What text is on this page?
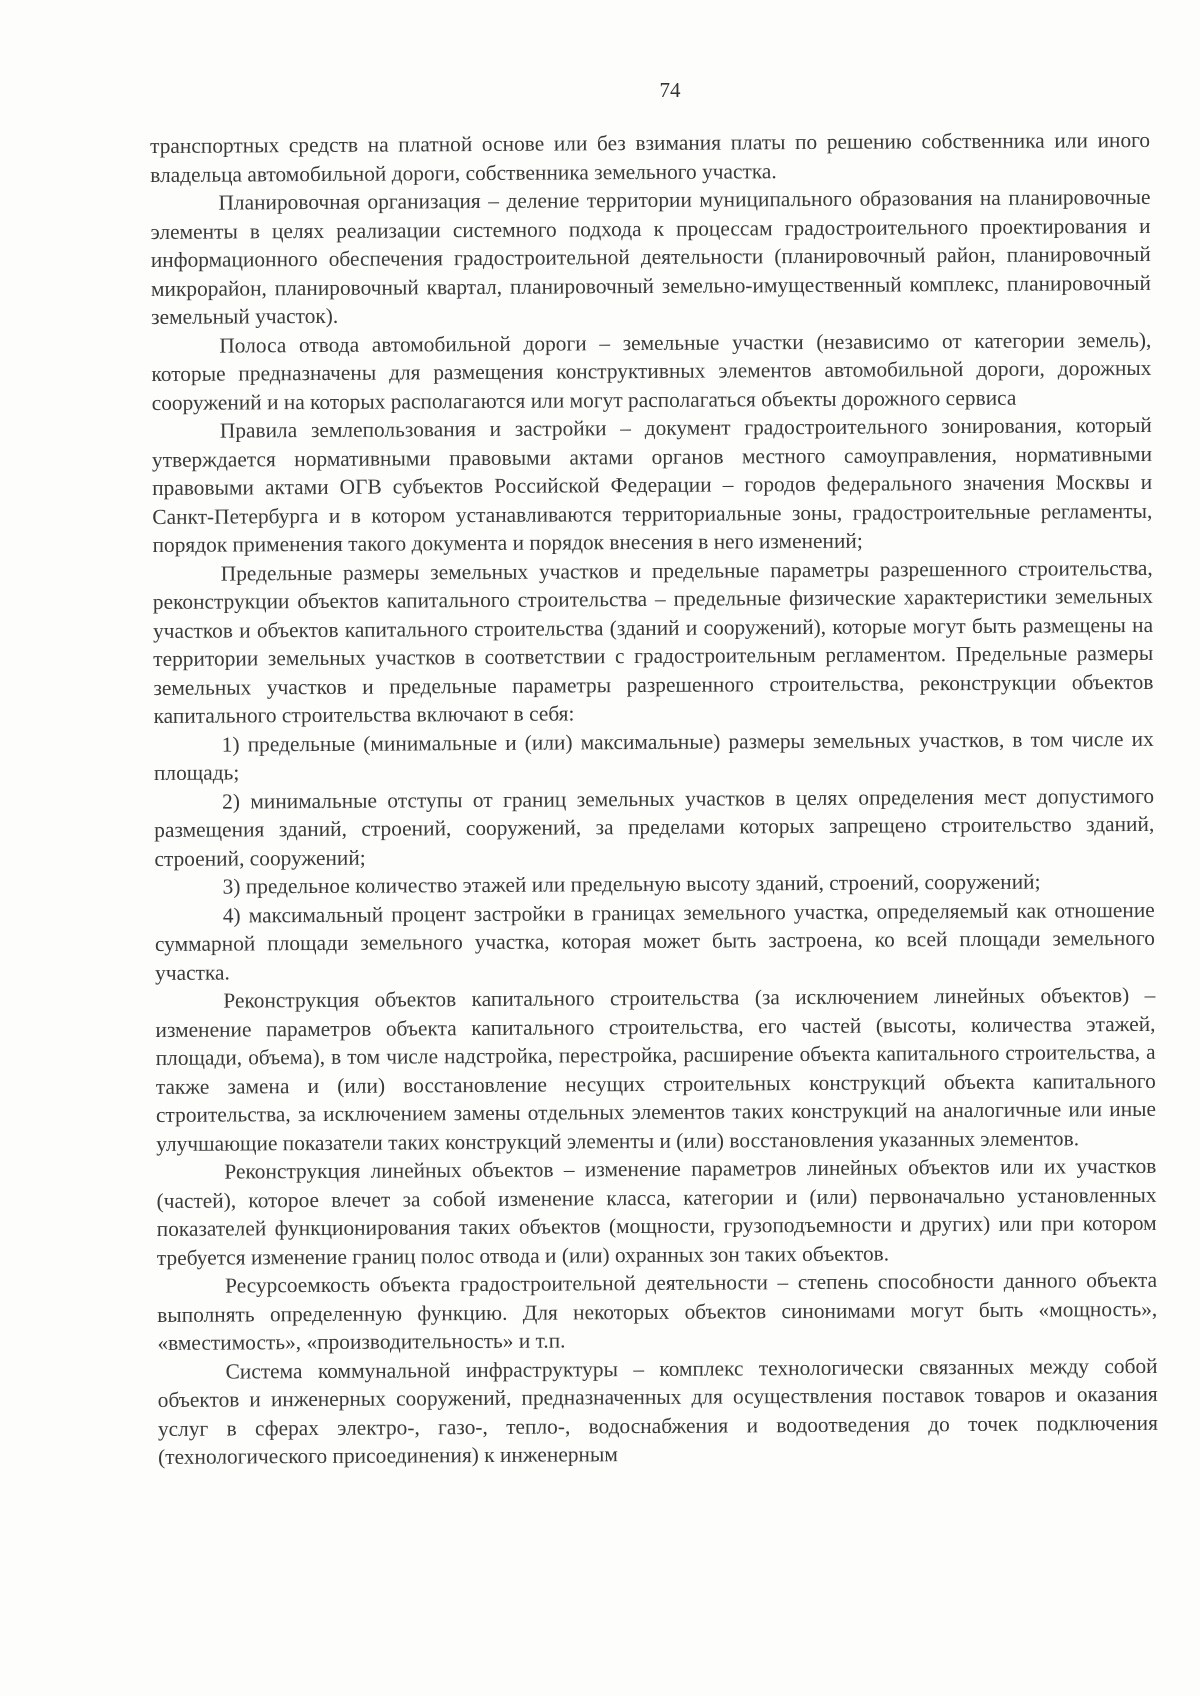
74

транспортных средств на платной основе или без взимания платы по решению собственника или иного владельца автомобильной дороги, собственника земельного участка.

Планировочная организация – деление территории муниципального образования на планировочные элементы в целях реализации системного подхода к процессам градостроительного проектирования и информационного обеспечения градостроительной деятельности (планировочный район, планировочный микрорайон, планировочный квартал, планировочный земельно-имущественный комплекс, планировочный земельный участок).

Полоса отвода автомобильной дороги – земельные участки (независимо от категории земель), которые предназначены для размещения конструктивных элементов автомобильной дороги, дорожных сооружений и на которых располагаются или могут располагаться объекты дорожного сервиса

Правила землепользования и застройки – документ градостроительного зонирования, который утверждается нормативными правовыми актами органов местного самоуправления, нормативными правовыми актами ОГВ субъектов Российской Федерации – городов федерального значения Москвы и Санкт-Петербурга и в котором устанавливаются территориальные зоны, градостроительные регламенты, порядок применения такого документа и порядок внесения в него изменений;

Предельные размеры земельных участков и предельные параметры разрешенного строительства, реконструкции объектов капитального строительства – предельные физические характеристики земельных участков и объектов капитального строительства (зданий и сооружений), которые могут быть размещены на территории земельных участков в соответствии с градостроительным регламентом. Предельные размеры земельных участков и предельные параметры разрешенного строительства, реконструкции объектов капитального строительства включают в себя:

1) предельные (минимальные и (или) максимальные) размеры земельных участков, в том числе их площадь;

2) минимальные отступы от границ земельных участков в целях определения мест допустимого размещения зданий, строений, сооружений, за пределами которых запрещено строительство зданий, строений, сооружений;

3) предельное количество этажей или предельную высоту зданий, строений, сооружений;

4) максимальный процент застройки в границах земельного участка, определяемый как отношение суммарной площади земельного участка, которая может быть застроена, ко всей площади земельного участка.

Реконструкция объектов капитального строительства (за исключением линейных объектов) – изменение параметров объекта капитального строительства, его частей (высоты, количества этажей, площади, объема), в том числе надстройка, перестройка, расширение объекта капитального строительства, а также замена и (или) восстановление несущих строительных конструкций объекта капитального строительства, за исключением замены отдельных элементов таких конструкций на аналогичные или иные улучшающие показатели таких конструкций элементы и (или) восстановления указанных элементов.

Реконструкция линейных объектов – изменение параметров линейных объектов или их участков (частей), которое влечет за собой изменение класса, категории и (или) первоначально установленных показателей функционирования таких объектов (мощности, грузоподъемности и других) или при котором требуется изменение границ полос отвода и (или) охранных зон таких объектов.

Ресурсоемкость объекта градостроительной деятельности – степень способности данного объекта выполнять определенную функцию. Для некоторых объектов синонимами могут быть «мощность», «вместимость», «производительность» и т.п.

Система коммунальной инфраструктуры – комплекс технологически связанных между собой объектов и инженерных сооружений, предназначенных для осуществления поставок товаров и оказания услуг в сферах электро-, газо-, тепло-, водоснабжения и водоотведения до точек подключения (технологического присоединения) к инженерным
